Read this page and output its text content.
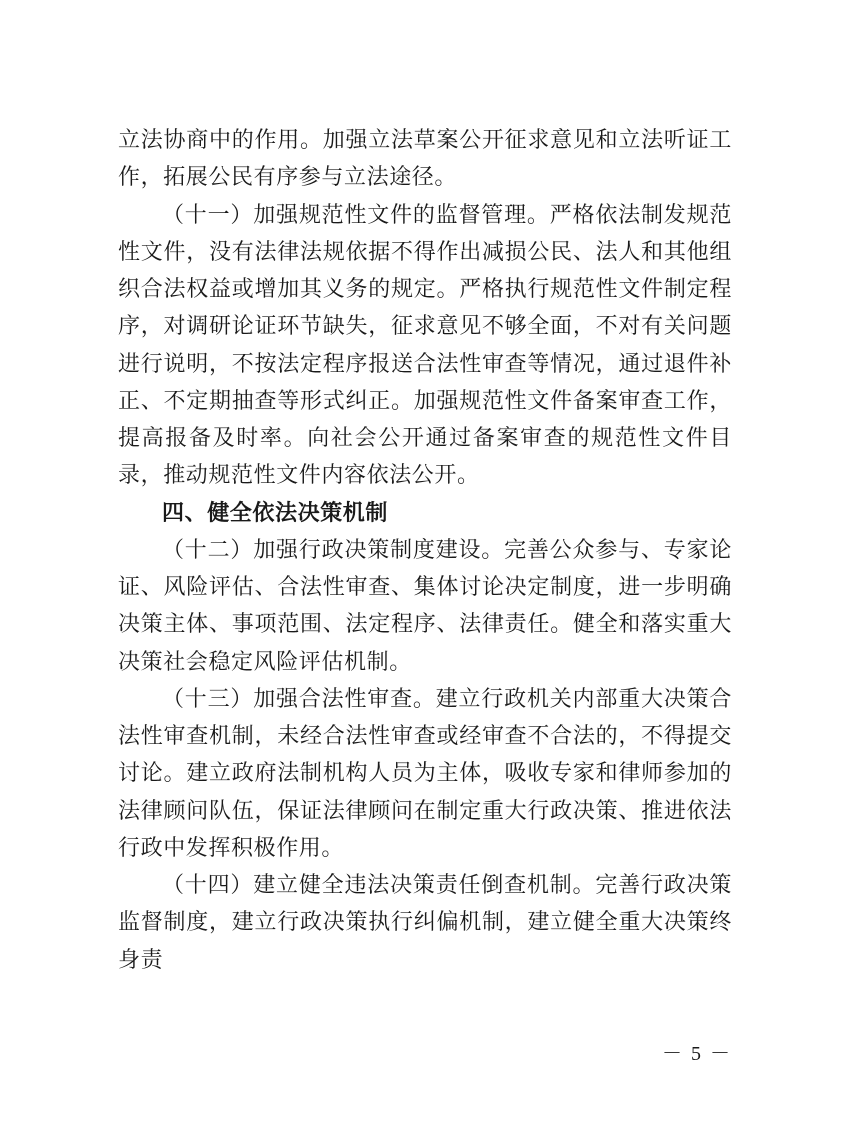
立法协商中的作用。加强立法草案公开征求意见和立法听证工作，拓展公民有序参与立法途径。

（十一）加强规范性文件的监督管理。严格依法制发规范性文件，没有法律法规依据不得作出减损公民、法人和其他组织合法权益或增加其义务的规定。严格执行规范性文件制定程序，对调研论证环节缺失，征求意见不够全面，不对有关问题进行说明，不按法定程序报送合法性审查等情况，通过退件补正、不定期抽查等形式纠正。加强规范性文件备案审查工作，提高报备及时率。向社会公开通过备案审查的规范性文件目录，推动规范性文件内容依法公开。

四、健全依法决策机制

（十二）加强行政决策制度建设。完善公众参与、专家论证、风险评估、合法性审查、集体讨论决定制度，进一步明确决策主体、事项范围、法定程序、法律责任。健全和落实重大决策社会稳定风险评估机制。

（十三）加强合法性审查。建立行政机关内部重大决策合法性审查机制，未经合法性审查或经审查不合法的，不得提交讨论。建立政府法制机构人员为主体，吸收专家和律师参加的法律顾问队伍，保证法律顾问在制定重大行政决策、推进依法行政中发挥积极作用。

（十四）建立健全违法决策责任倒查机制。完善行政决策监督制度，建立行政决策执行纠偏机制，建立健全重大决策终身责

－ 5 －
